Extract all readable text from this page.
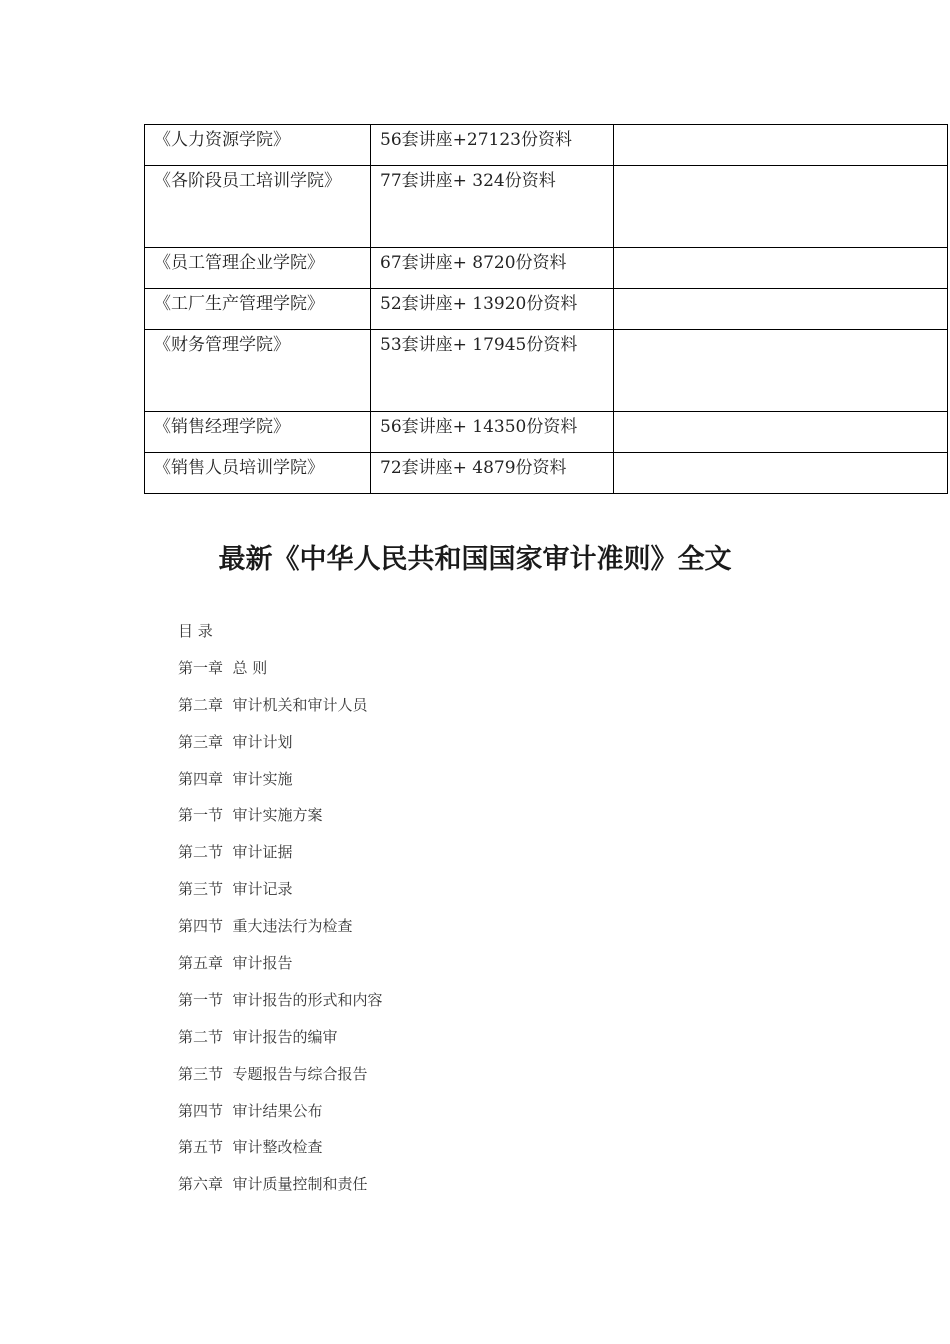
《人力资源学院》	56套讲座+27123份资料	

《各阶段员工培训学院》	77套讲座+ 324份资料	

《员工管理企业学院》	67套讲座+ 8720份资料	

《工厂生产管理学院》	52套讲座+ 13920份资料	

《财务管理学院》	53套讲座+ 17945份资料	

《销售经理学院》	56套讲座+ 14350份资料	

《销售人员培训学院》	72套讲座+ 4879份资料	

最新《中华人民共和国国家审计准则》全文
目 录
第一章  总 则
第二章  审计机关和审计人员
第三章  审计计划
第四章  审计实施
第一节  审计实施方案
第二节  审计证据
第三节  审计记录
第四节  重大违法行为检查
第五章  审计报告
第一节  审计报告的形式和内容
第二节  审计报告的编审
第三节  专题报告与综合报告
第四节  审计结果公布
第五节  审计整改检查
第六章  审计质量控制和责任
